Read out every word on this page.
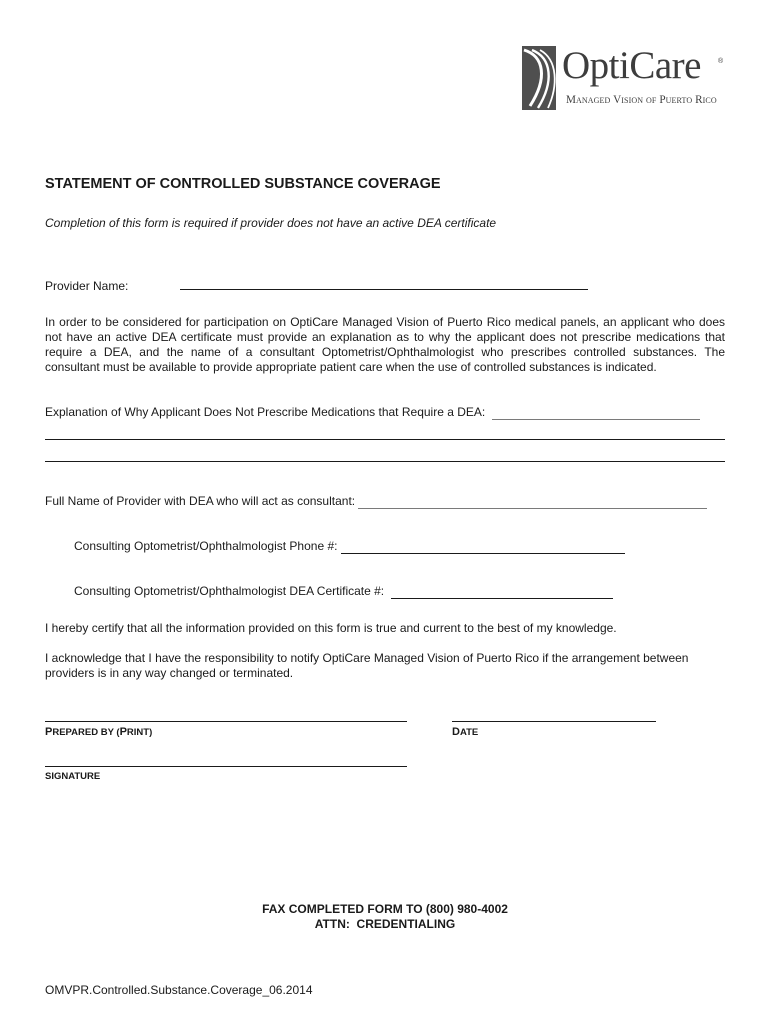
OptiCare ®
Managed Vision of Puerto Rico
STATEMENT OF CONTROLLED SUBSTANCE COVERAGE
Completion of this form is required if provider does not have an active DEA certificate
Provider Name:
In order to be considered for participation on OptiCare Managed Vision of Puerto Rico medical panels, an applicant who does not have an active DEA certificate must provide an explanation as to why the applicant does not prescribe medications that require a DEA, and the name of a consultant Optometrist/Ophthalmologist who prescribes controlled substances. The consultant must be available to provide appropriate patient care when the use of controlled substances is indicated.
Explanation of Why Applicant Does Not Prescribe Medications that Require a DEA:
Full Name of Provider with DEA who will act as consultant:
Consulting Optometrist/Ophthalmologist Phone #:
Consulting Optometrist/Ophthalmologist DEA Certificate #:
I hereby certify that all the information provided on this form is true and current to the best of my knowledge.
I acknowledge that I have the responsibility to notify OptiCare Managed Vision of Puerto Rico if the arrangement between providers is in any way changed or terminated.
PREPARED BY (PRINT)	DATE
SIGNATURE
FAX COMPLETED FORM TO (800) 980-4002
ATTN:  CREDENTIALING
OMVPR.Controlled.Substance.Coverage_06.2014
